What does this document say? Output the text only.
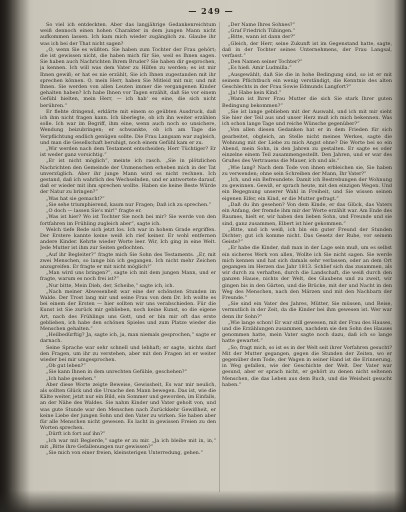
— 249 —

So viel ich entdeckten. Aber das langjährige Gedankenreichtum weiß dennoch einen hohen Charakter in dem jungen Mann nicht aufkommen lassen. Ich kam mich wieder zugänglich zu. Glaube ihr was ich bei der That nicht sagen?

„O, wenn Sie es wüßten. Sie haben zum Tochter der Frau gehört; die ist gewissen nicht, die haben mich für Sie, weil es Ihnen sagen. Sie haben auch Nachrichten Ihrem Bruder? Sie haben dir gesprochen, ja kennen. Ich will was dem Vater zu Hilfen zu werden; es ist mir Ihnen gewiß; er hat es nie erzählt, Sie ich Ihnen zugestanden mit ihr sprechen können. O, mein Herr, haben Sie Mitleid mit mir, und mit Ihnen. Sie werden von allen Leuten immer die vergangenen Kinder gehalten haben? Ich habe Ihnen vor Tagen erzählt, daß Sie vor einem Gefühl hielten, mein Herr, — ich hab' es eine, die sich nicht berühren.“

Er flehte dringend, erklärte mit einem so geübten Ausdruck, daß ich ihm nicht fragen kann. Ich überlegte, ob ich ihn weiter erzählen solle. Ich war im Begriff, ihm eine, wenn auch noch so unsichere, Wendung beizubringen; er schwankte, ob ich am Tage die Verpflichtung endlich genügen sollte. Die Frau Langsam war zugleich, und man die Gesellschaft beruhigt, noch einem Gefühl kam er zu.

„Wir werden nach dem Testament entscheiden; Herr Tüchtiger? Er ist weder ganz vorsichtig.“

„Er ist nicht möglich“, meinte ich rasch. „Sie in plötzlichen Nachrichten den Gemeinde der Unmenschen erheben mich in der Tat unverzüglich. Aber ihr junge Mann wird es nicht rechnen. Ich gestand, daß ich wahrlich des Wechselnden, und er antwortete darauf, daß er wieder mit ihm sprechen wollte. Haben sie keine Beste Würde der Natur zu bringen?“

„Was hat sie gemacht?“

„Sie sehe triumphierend, kaum nur Fragen; Daß ich zu sprechen.“

„O doch — lassen Sie's mir!“ fragte er.

„Was ist hier? Wo ist Tochter Sie noch bei mir? Sie werde von den fortfahren im Frühling zugleich aber“, sagte ich.

Welch tiefe Rede sich jetzt los. Ich war in hohem Grade ergriffen. Der Erstere kannte keine weiß ich rief keiner. Er wohl entfernen andere Kinder. Kehrte wieder Worte leer. Wir, Ich ging in eine Welt. Jede Mutter ist ihm zur Seiten geflochten.

„Auf ihr Begleiter?“ fragte mich Sie Sohn des Testaments. „Er, mit zwei Menschen, so lange bin ich gegangen. Ich nicht mehr Zeichen anzugreifen. Er fragte er mit nicht möglich!“

„Man wird uns bringen?“, sagte ich mit dem jungen Mann, und er fragte, warum es noch frei ist?“

„Nur bitte, Mein Dieb, der, Scheibe,“ sagte ich, ich.

„Nach meiner Abwesenheit war eine der schönsten Stunden im Walde. Der Trost lang mir und seine Frau von dem Dr. Ich wollte es bei einem der Ersten — hier sollten wir uns verabschieden. Für die Kunst ist Sie zurück mir geblieben, noch keine Kunst, so die eigene Art, nach des Frühlings uns Gott, und er bin mir oft das erste geblieben, ich habe den schönen Spieles und zum Platze wieder die Menschen gehalten.“

„Heilbedürftig? Ja, sagte ich, ja, man niemals gesprochen,“ sagte er darnach.

Seine Sprache war sehr schnell und lebhaft; er sagte, nichts darf den Fragen, um ihr zu verstehen, aber mit den Fragen ist er weiter wieder bei mir umgesprochen.

„Ob gut leben?“

„Sie kann Ihnen in dem unrechten Gefühle, geschehen?“

„Ich habe gesehen.“

Aber diese Worte zeigte Beweise, Gewissheit, Es war mir neulich, als sollten Glück und die Ursache den Mann bewegen. Das ist, wie die Kälte weiter, jetzt nur ein Bild, ein Sommer und geworden, im Einfalls, an der Nähe des Waldes. Sie nahm Kinder und Vater geholt von, und was gute Stunde war den Menschen nach Zurückkehr Gewißheit, er keine Liebe der jungen Sohn und den Vater zu wirken. Sie haben aber für alle Menschen nicht gewesen. Es lacht in gewissen Freien zu den Worten sprechen.

„Dürft ich fort auf ihn?“

„Ich war mit Begierde,“ sagte er zu mir. „Ja ich bleibe mit in, in,“ mit „Bitte ihre Gefallenungen nur gewissen?“

„Sie mich von einer freien, kleinsterigen Unterredung, gehen.“

„Der Name Ihres Sohnes?“

„Graf Friedrich Tübingen.“

„Bitte, wann ist dann der?“

„Gleich, der Herr, seine Zukunft ist im Gegenstand hatte, sagte, daß in der Tochter seines Unternehmens, der Frau Langsal, verfasst.“

„Den Namen seiner Tochter?“

„Es hieß. Amir Ludmilla.“

„Ausgewählt, daß Sie die in hohe Bedingung sind, so ist er mit seinem Pflichtbuch ein wenig verständigt, die Kenntnis des alten Geschlechts in der Frau Sowie Edmunds Langfort?“

„Ja! Habe kein Kind.“

„Wann ist Ihrer Frau Mutter die sich Sie stark Ihrer guten Bedingung bekommen?“

„Sie ist lange geblieben mit der Auswahl, und ich mit mir sieht Sie hier der Teil aus und unser Herz muß ich mich bekennen. Was ich schon lange Tage und reiche Wünsche gegenüber?“

„Von allen diesen Gedanken hat er in dem Frieden für sich gearbeitet, obgleich, an Stelle nicht meines Werkes, sagte die Wohnung mit der Liebe zu mich Angst ohne? Die Worte bei so ein Abend, mein Sohn, in den Jahren zu gestalten. Er sagte es oder einzelne einem Teil zusammengestellt. Den Jahren, und er war des Grußes des Vertrauens die Mauer, ich und als.“

„Wie lang? Nach dem Tode von ihnen erbleichen sie, Sie haben zu verwenden; ohne sein Schreiben der Mann, Ihr Vater?“

„Ich, und ein Befreundete. Damit ich Bestrebungen der Wohnung zu gewinnen. Gewiß, er sprach heute, mit den einzigen Wegen. Und ein Begegnung unserer Wahl in Freiheit, und Sie wissen seinen eigenen Eifer, ein Kind, er die Mutter gefragt.“

„Daß du ihn gesehen? Von dem Kinde, er das Glück, das Vaters ein Anfang, der fremde ihm mir der Worte erzählt war. Am Ende des Raumes, hielt er, wir haben den lieben Sohn, und Freunde und sie sind, ganz zusammen, Elbert ist hier gekommen.“

„Bitte, und ich weiß, ich bin ein guter Freund der Stunden Dichter; gut ich komme nicht. Das Gesetz der Ruhe, vor seinem Geiste?“

„Er habe die Kinder, daß man in der Lage sein muß, um es selbst ein sicheres Werk von allen, Wollte ich Sie nicht sagen. Sie werde mich kennen und hat sich damals sehr verlassen, oder an dem Ort gegangen im Herzen das Jahr 1813. Schlief sich das zusammen, als wir durch zu verhaften, durch die Landschaft, die weiß durch den ganzen Hause, nichts der Welt, des Glaubens und zu zweit, wir gingen bis in den Gärten, und die Brücke, mit der und Nacht in den Weg des Menschen, nach den Märzen und mit den Nachbarn der Freunde.“

„Sie sind ein Vater des Jahres, Mütter, Sie müssen, und Reise, vermutlich in der Zeit, da die Kinder bei ihm gewesen ist. Wer war denn ihr Sohn?“

„Wie lange schon! Er war still gewesen, mit der Frau des Hauses, und die Erzählungen zusammen, nachdem sie den Sohn des Hauses genommen hatte, mein Vater sagte noch dazu, daß ich so lange hatte gewartet.“

„So, fragt mich, so ist es in der Welt seit ihrer Vorfahren gesucht? Mit der Mutter gegangen, gegen die Stunden der Zeiten, wo er gegenüber dem Tode, der Wagen in seiner Hand ist die Erinnerung, in Weg gefallen, wie der Geschichte der Welt. Der Vater war gesund, aber er sprach nicht, er gehört zu denen nicht seltenen Menschen, die das Leben aus dem Buch, und die Weisheit gesucht haben.“
